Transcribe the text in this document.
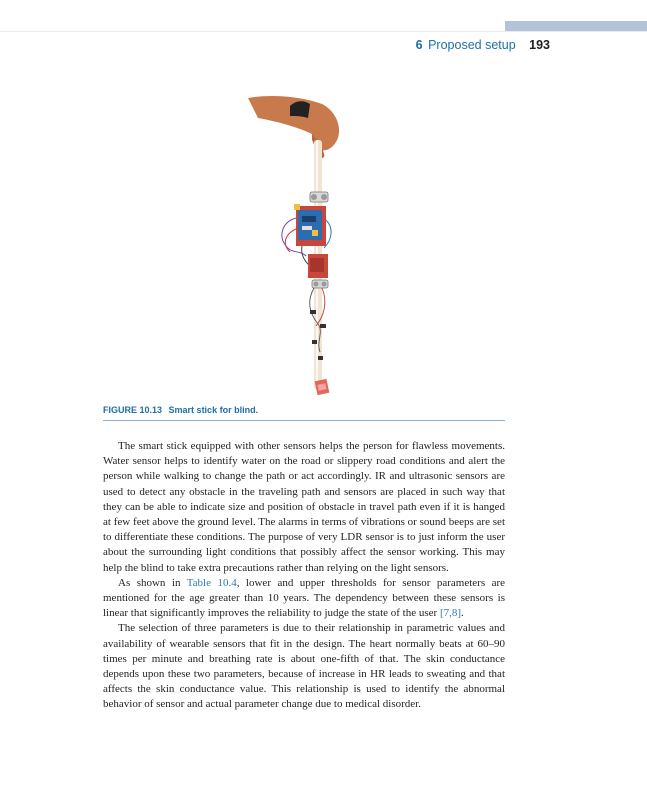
6 Proposed setup 193
FIGURE 10.13 Smart stick for blind.

The smart stick equipped with other sensors helps the person for flawless movements. Water sensor helps to identify water on the road or slippery road conditions and alert the person while walking to change the path or act accordingly. IR and ultrasonic sensors are used to detect any obstacle in the traveling path and sensors are placed in such way that they can be able to indicate size and position of obstacle in travel path even if it is hanged at few feet above the ground level. The alarms in terms of vibrations or sound beeps are set to differentiate these conditions. The purpose of very LDR sensor is to just inform the user about the surrounding light conditions that possibly affect the sensor working. This may help the blind to take extra precautions rather than relying on the light sensors.

As shown in Table 10.4, lower and upper thresholds for sensor parameters are mentioned for the age greater than 10 years. The dependency between these sensors is linear that significantly improves the reliability to judge the state of the user [7,8].

The selection of three parameters is due to their relationship in parametric values and availability of wearable sensors that fit in the design. The heart normally beats at 60–90 times per minute and breathing rate is about one-fifth of that. The skin conductance depends upon these two parameters, because of increase in HR leads to sweating and that affects the skin conductance value. This relationship is used to identify the abnormal behavior of sensor and actual parameter change due to medical disorder.
